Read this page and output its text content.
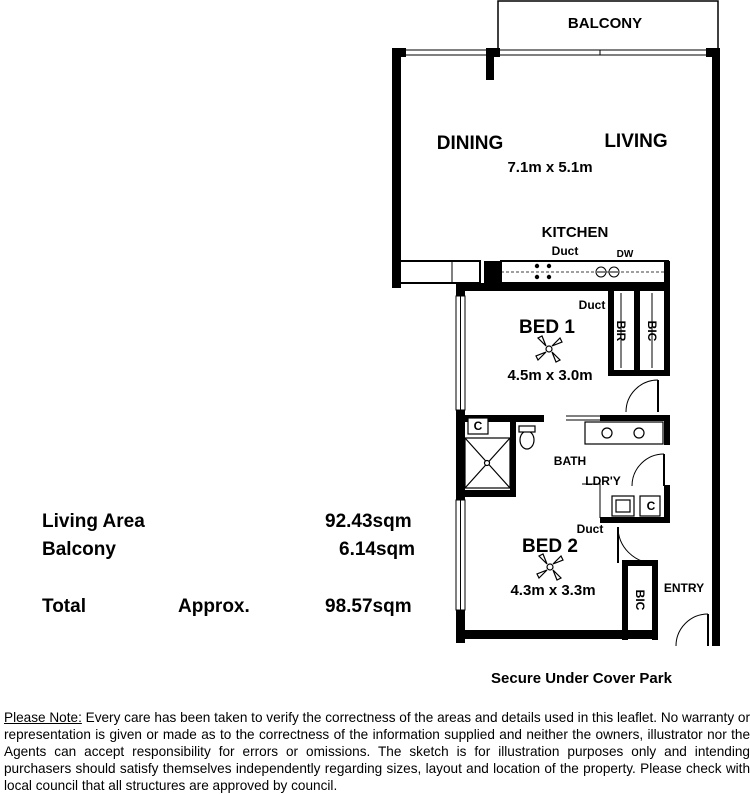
BALCONY
DINING	LIVING
7.1m x 5.1m
KITCHEN
Duct	DW
BED 1
4.5m x 3.0m
Duct
BIR BIC
C
BATH
LDR'Y
C
Duct
BED 2
4.3m x 3.3m	BIC
ENTRY
Living Area	92.43sqm
Balcony	6.14sqm
Total	Approx.	98.57sqm
Secure Under Cover Park
Please Note: Every care has been taken to verify the correctness of the areas and details used in this leaflet. No warranty or representation is given or made as to the correctness of the information supplied and neither the owners, illustrator nor the Agents can accept responsibility for errors or omissions. The sketch is for illustration purposes only and intending purchasers should satisfy themselves independently regarding sizes, layout and location of the property. Please check with local council that all structures are approved by council.
